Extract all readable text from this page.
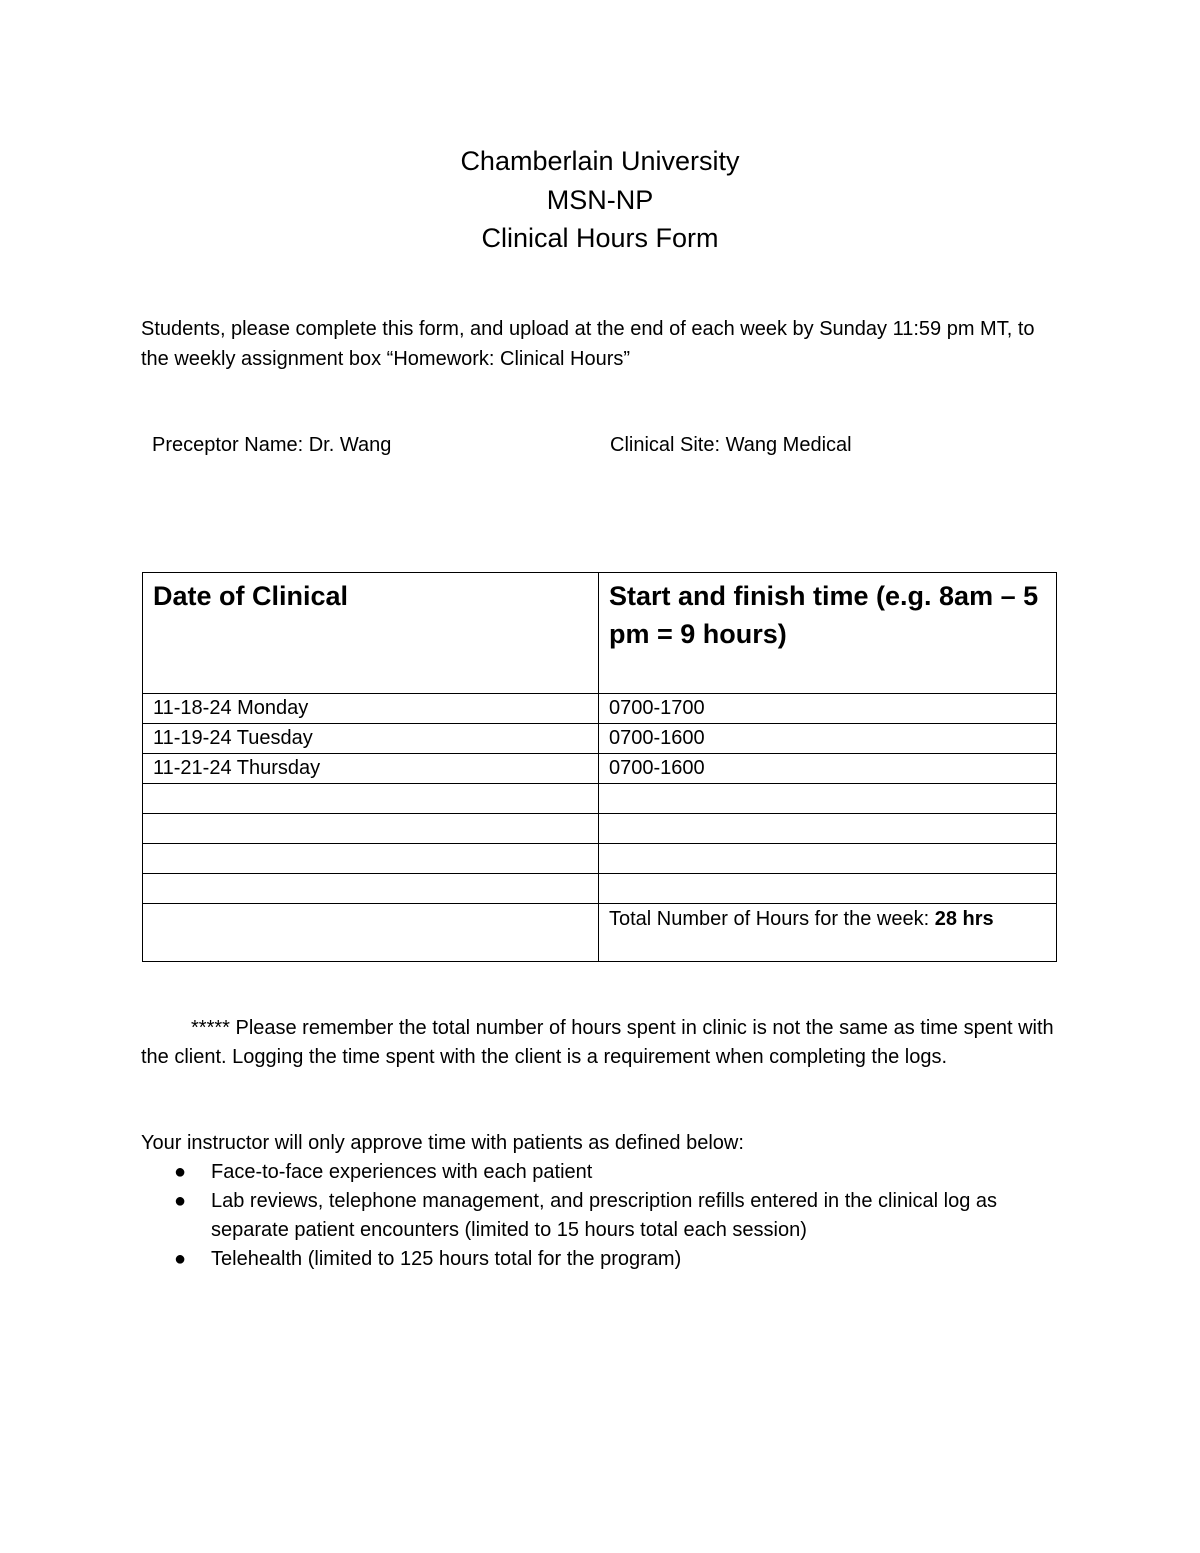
Chamberlain University
MSN-NP
Clinical Hours Form

Students, please complete this form, and upload at the end of each week by Sunday 11:59 pm MT, to the weekly assignment box “Homework: Clinical Hours”

Preceptor Name: Dr. Wang	Clinical Site: Wang Medical
Date of Clinical	Start and finish time (e.g. 8am – 5 pm = 9 hours)
11-18-24 Monday	0700-1700
11-19-24 Tuesday	0700-1600
11-21-24 Thursday	0700-1600

	Total Number of Hours for the week: 28 hrs

***** Please remember the total number of hours spent in clinic is not the same as time spent with the client. Logging the time spent with the client is a requirement when completing the logs.

Your instructor will only approve time with patients as defined below:

● Face-to-face experiences with each patient
● Lab reviews, telephone management, and prescription refills entered in the clinical log as separate patient encounters (limited to 15 hours total each session)
● Telehealth (limited to 125 hours total for the program)
